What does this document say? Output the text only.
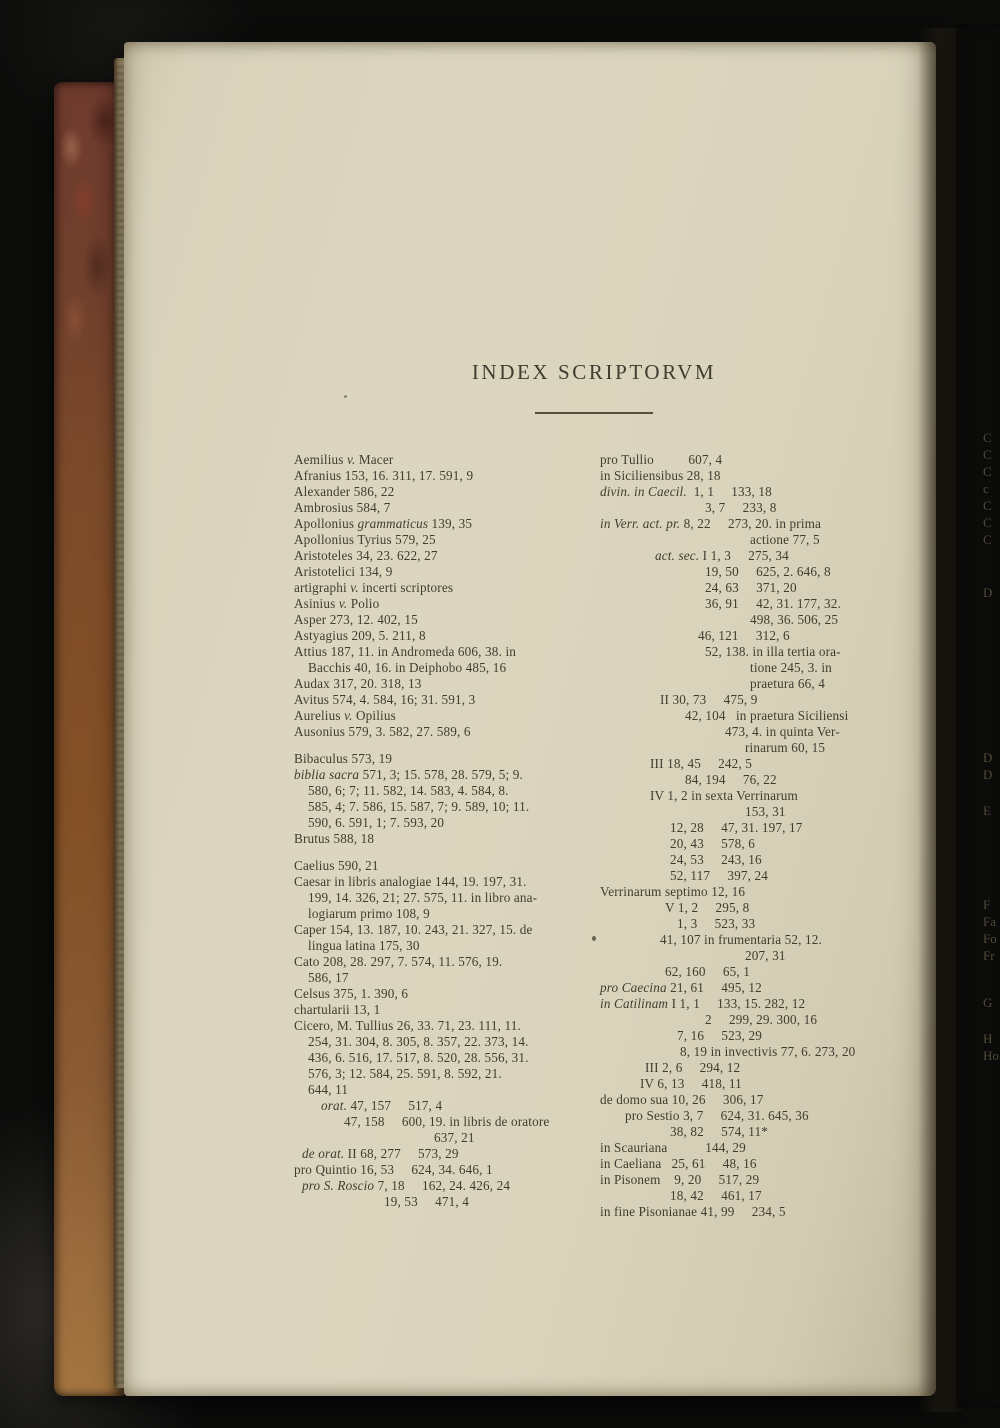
INDEX SCRIPTORVM
Aemilius v. Macer
Afranius 153, 16. 311, 17. 591, 9
Alexander 586, 22
Ambrosius 584, 7
Apollonius grammaticus 139, 35
Apollonius Tyrius 579, 25
Aristoteles 34, 23. 622, 27
Aristotelici 134, 9
artigraphi v. incerti scriptores
Asinius v. Polio
Asper 273, 12. 402, 15
Astyagius 209, 5. 211, 8
Attius 187, 11. in Andromeda 606, 38. in
Bacchis 40, 16. in Deiphobo 485, 16
Audax 317, 20. 318, 13
Avitus 574, 4. 584, 16; 31. 591, 3
Aurelius v. Opilius
Ausonius 579, 3. 582, 27. 589, 6
Bibaculus 573, 19
biblia sacra 571, 3; 15. 578, 28. 579, 5; 9.
580, 6; 7; 11. 582, 14. 583, 4. 584, 8.
585, 4; 7. 586, 15. 587, 7; 9. 589, 10; 11.
590, 6. 591, 1; 7. 593, 20
Brutus 588, 18
Caelius 590, 21
Caesar in libris analogiae 144, 19. 197, 31.
199, 14. 326, 21; 27. 575, 11. in libro ana-
logiarum primo 108, 9
Caper 154, 13. 187, 10. 243, 21. 327, 15. de
lingua latina 175, 30
Cato 208, 28. 297, 7. 574, 11. 576, 19.
586, 17
Celsus 375, 1. 390, 6
chartularii 13, 1
Cicero, M. Tullius 26, 33. 71, 23. 111, 11.
254, 31. 304, 8. 305, 8. 357, 22. 373, 14.
436, 6. 516, 17. 517, 8. 520, 28. 556, 31.
576, 3; 12. 584, 25. 591, 8. 592, 21.
644, 11
orat. 47, 157     517, 4
47, 158     600, 19. in libris de oratore
637, 21
de orat. II 68, 277     573, 29
pro Quintio 16, 53     624, 34. 646, 1
pro S. Roscio 7, 18     162, 24. 426, 24
19, 53     471, 4
pro Tullio          607, 4
in Siciliensibus 28, 18
divin. in Caecil.  1, 1     133, 18
3, 7     233, 8
in Verr. act. pr. 8, 22     273, 20. in prima
actione 77, 5
act. sec. I 1, 3     275, 34
19, 50     625, 2. 646, 8
24, 63     371, 20
36, 91     42, 31. 177, 32.
498, 36. 506, 25
46, 121     312, 6
52, 138. in illa tertia ora-
tione 245, 3. in
praetura 66, 4
II 30, 73     475, 9
42, 104   in praetura Siciliensi
473, 4. in quinta Ver-
rinarum 60, 15
III 18, 45     242, 5
84, 194     76, 22
IV 1, 2 in sexta Verrinarum
153, 31
12, 28     47, 31. 197, 17
20, 43     578, 6
24, 53     243, 16
52, 117     397, 24
Verrinarum septimo 12, 16
V 1, 2     295, 8
1, 3     523, 33
41, 107 in frumentaria 52, 12.
207, 31
62, 160     65, 1
pro Caecina 21, 61     495, 12
in Catilinam I 1, 1     133, 15. 282, 12
2     299, 29. 300, 16
7, 16     523, 29
8, 19 in invectivis 77, 6. 273, 20
III 2, 6     294, 12
IV 6, 13     418, 11
de domo sua 10, 26     306, 17
pro Sestio 3, 7     624, 31. 645, 36
38, 82     574, 11*
in Scauriana           144, 29
in Caeliana   25, 61     48, 16
in Pisonem    9, 20     517, 29
18, 42     461, 17
in fine Pisonianae 41, 99     234, 5
C
C
C
c
C
C
C
D
D
D
E
F
Fa
Fo
Fr
G
H
Ho
